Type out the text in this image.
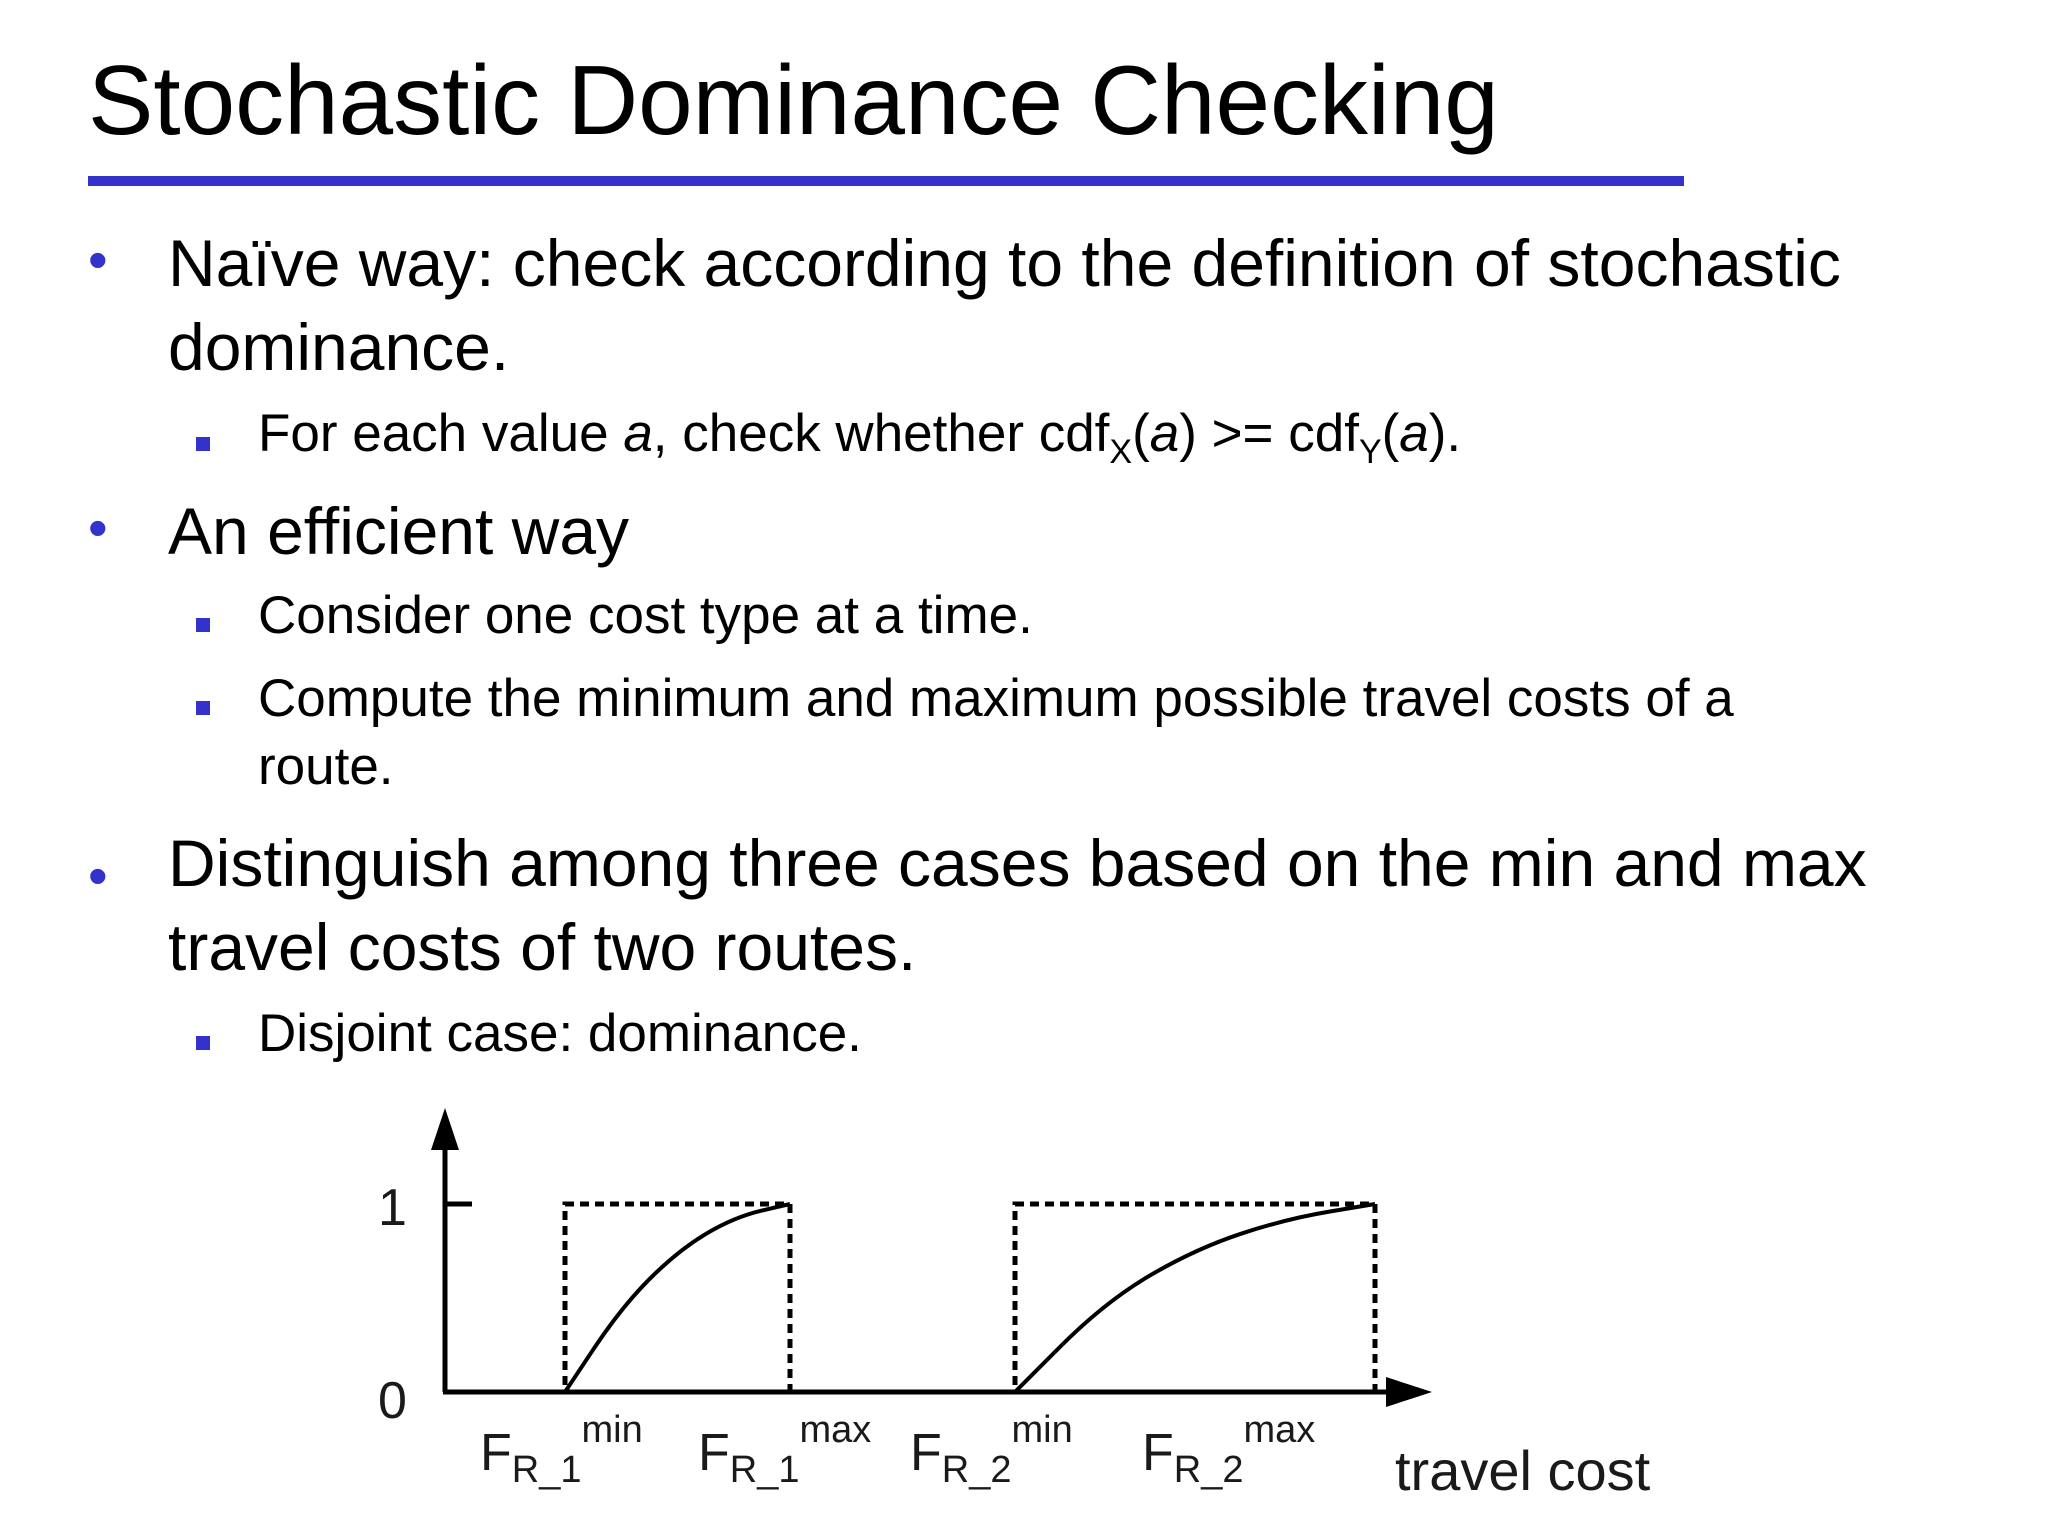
Stochastic Dominance Checking
• Naïve way: check according to the definition of stochastic
dominance.
For each value a, check whether cdf$_X$(a) >= cdf$_Y$(a).
• An efficient way
Consider one cost type at a time.
Compute the minimum and maximum possible travel costs of a
route.
• Distinguish among three cases based on the min and max
travel costs of two routes.
Disjoint case: dominance.
1
0
$F_{R\_1}^{min}$ $F_{R\_1}^{max}$ $F_{R\_2}^{min}$ $F_{R\_2}^{max}$
travel cost
